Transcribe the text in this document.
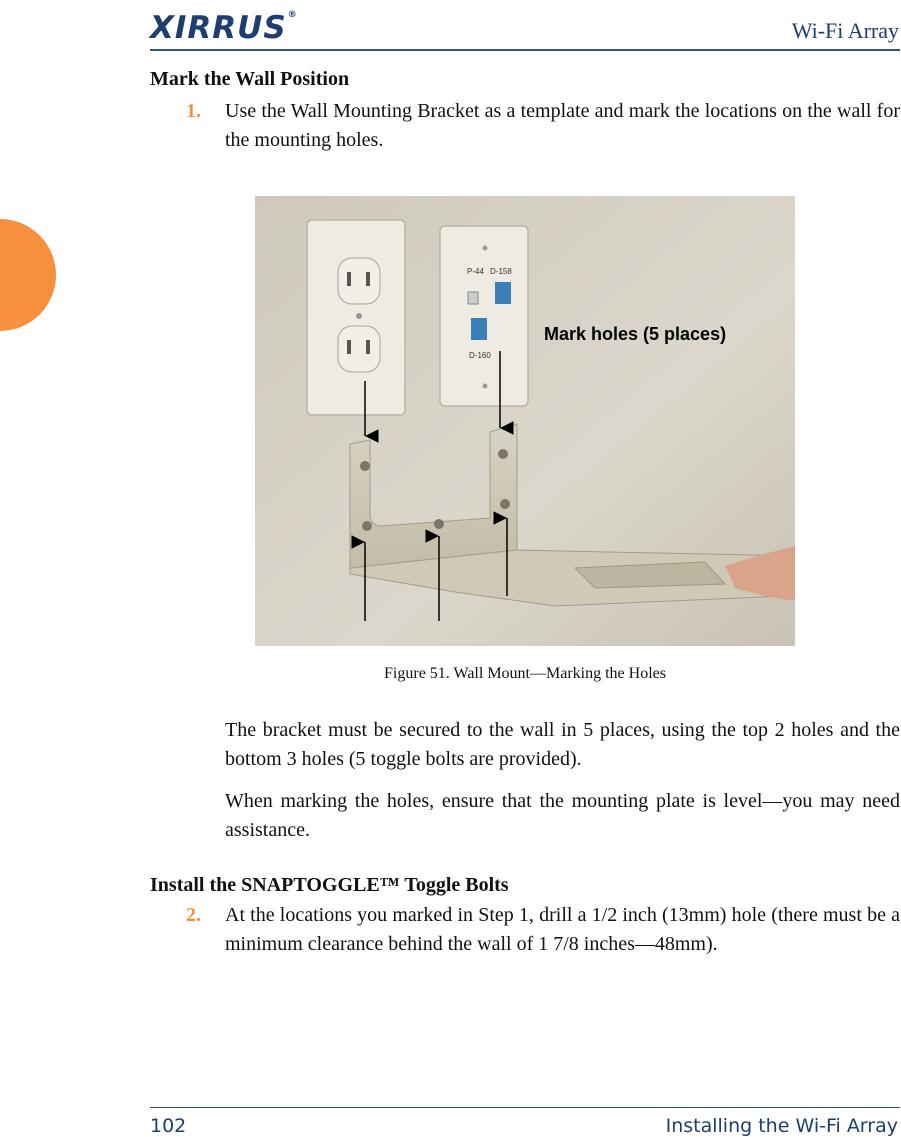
XIRRUS®
Wi-Fi Array
Mark the Wall Position
1. Use the Wall Mounting Bracket as a template and mark the locations on the wall for the mounting holes.
P-44 D-158
D-160
Mark holes (5 places)
Figure 51. Wall Mount—Marking the Holes
The bracket must be secured to the wall in 5 places, using the top 2 holes and the bottom 3 holes (5 toggle bolts are provided).
When marking the holes, ensure that the mounting plate is level—you may need assistance.
Install the SNAPTOGGLE™ Toggle Bolts
2. At the locations you marked in Step 1, drill a 1/2 inch (13mm) hole (there must be a minimum clearance behind the wall of 1 7/8 inches—48mm).
102	Installing the Wi-Fi Array
